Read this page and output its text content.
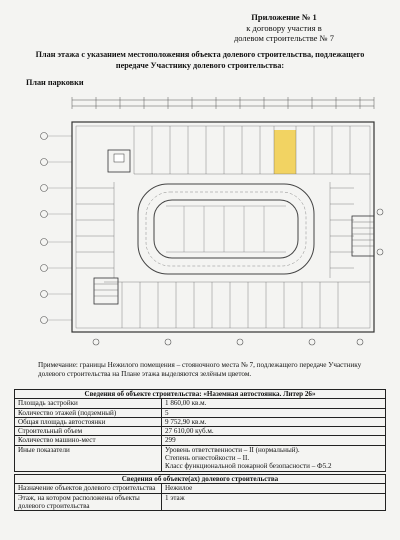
Приложение № 1
к договору участия в
долевом строительстве № 7
План этажа с указанием местоположения объекта долевого строительства, подлежащего
передаче Участнику долевого строительства:
План парковки
Примечание: границы Нежилого помещения – стояночного места № 7, подлежащего передаче Участнику долевого строительства на Плане этажа выделяются зелёным цветом.
Сведения об объекте строительства: «Наземная автостоянка. Литер 26»	
Площадь застройки	1 860,00 кв.м.
Количество этажей (подземный)	5
Общая площадь автостоянки	9 752,90 кв.м.
Строительный объем	27 610,00 куб.м.
Количество машино-мест	299
Иные показатели	Уровень ответственности – II (нормальный).
Степень огнестойкости – II.
Класс функциональной пожарной безопасности – Ф5.2
Сведения об объекте(ах) долевого строительства	
Назначение объектов долевого строительства	Нежилое
Этаж, на котором расположены объекты долевого строительства	1 этаж
